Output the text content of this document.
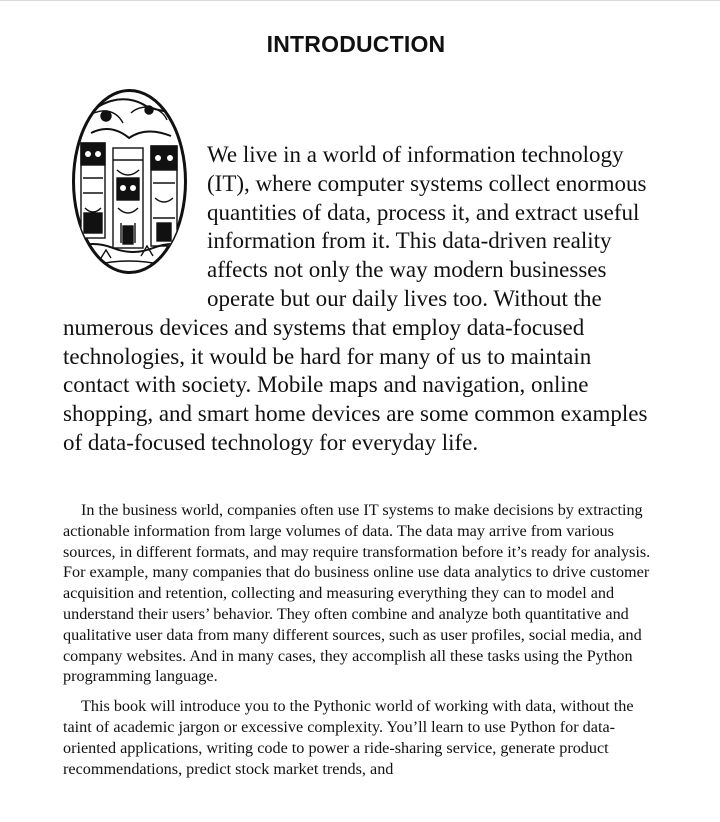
INTRODUCTION

We live in a world of information technology (IT), where computer systems collect enormous quantities of data, process it, and extract useful information from it. This data-driven reality affects not only the way modern businesses operate but our daily lives too. Without the numerous devices and systems that employ data-focused technologies, it would be hard for many of us to maintain contact with society. Mobile maps and navigation, online shopping, and smart home devices are some common examples of data-focused technology for everyday life.

In the business world, companies often use IT systems to make decisions by extracting actionable information from large volumes of data. The data may arrive from various sources, in different formats, and may require transformation before it’s ready for analysis. For example, many companies that do business online use data analytics to drive customer acquisition and retention, collecting and measuring everything they can to model and understand their users’ behavior. They often combine and analyze both quantitative and qualitative user data from many different sources, such as user profiles, social media, and company websites. And in many cases, they accomplish all these tasks using the Python programming language.

This book will introduce you to the Pythonic world of working with data, without the taint of academic jargon or excessive complexity. You’ll learn to use Python for data-oriented applications, writing code to power a ride-sharing service, generate product recommendations, predict stock market trends, and
